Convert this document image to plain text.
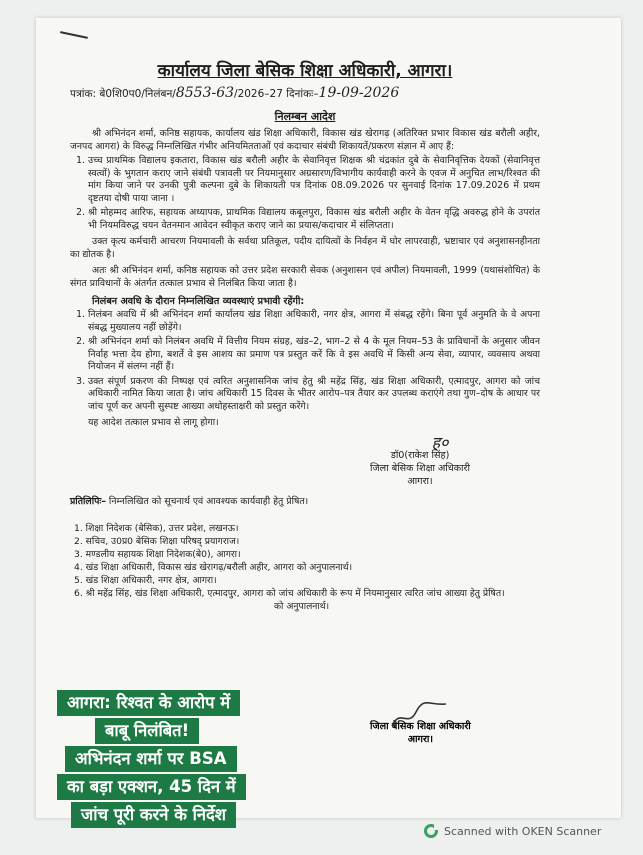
कार्यालय जिला बेसिक शिक्षा अधिकारी, आगरा।
पत्रांक: बे0शि0प0/निलंबन/8553-63/2026–27 दिनांकः–19-09-2026
निलम्बन आदेश

श्री अभिनंदन शर्मा, कनिष्ठ सहायक, कार्यालय खंड शिक्षा अधिकारी, विकास खंड खेरागढ़ (अतिरिक्त प्रभार विकास खंड बरौली अहीर, जनपद आगरा) के विरुद्ध निम्नलिखित गंभीर अनियमितताओं एवं कदाचार संबंधी शिकायतें/प्रकरण संज्ञान में आए हैं:

1. उच्च प्राथमिक विद्यालय इकतारा, विकास खंड बरौली अहीर के सेवानिवृत्त शिक्षक श्री चंद्रकांत दुबे के सेवानिवृत्तिक देयकों (सेवानिवृत्त स्वत्वों) के भुगतान कराए जाने संबंधी पत्रावली पर नियमानुसार अग्रसारण/विभागीय कार्यवाही करने के एवज में अनुचित लाभ/रिश्वत की मांग किया जाने पर उनकी पुत्री कल्पना दुबे के शिकायती पत्र दिनांक 08.09.2026 पर सुनवाई दिनांक 17.09.2026 में प्रथम दृष्टतया दोषी पाया जाना ।
2. श्री मोहम्मद आरिफ, सहायक अध्यापक, प्राथमिक विद्यालय कबूलपुरा, विकास खंड बरौली अहीर के वेतन वृद्धि अवरुद्ध होने के उपरांत भी नियमविरुद्ध चयन वेतनमान आवेदन स्वीकृत कराए जाने का प्रयास/कदाचार में संलिप्तता।

उक्त कृत्य कर्मचारी आचरण नियमावली के सर्वथा प्रतिकूल, पदीय दायित्वों के निर्वहन में घोर लापरवाही, भ्रष्टाचार एवं अनुशासनहीनता का द्योतक है।

अतः श्री अभिनंदन शर्मा, कनिष्ठ सहायक को उत्तर प्रदेश सरकारी सेवक (अनुशासन एवं अपील) नियमावली, 1999 (यथासंशोधित) के संगत प्राविधानों के अंतर्गत तत्काल प्रभाव से निलंबित किया जाता है।

निलंबन अवधि के दौरान निम्नलिखित व्यवस्थाएं प्रभावी रहेंगी:
1. निलंबन अवधि में श्री अभिनंदन शर्मा कार्यालय खंड शिक्षा अधिकारी, नगर क्षेत्र, आगरा में संबद्ध रहेंगे। बिना पूर्व अनुमति के वे अपना संबद्ध मुख्यालय नहीं छोड़ेंगे।
2. श्री अभिनंदन शर्मा को निलंबन अवधि में वित्तीय नियम संग्रह, खंड–2, भाग–2 से 4 के मूल नियम–53 के प्राविधानों के अनुसार जीवन निर्वाह भत्ता देय होगा, बशर्ते वे इस आशय का प्रमाण पत्र प्रस्तुत करें कि वे इस अवधि में किसी अन्य सेवा, व्यापार, व्यवसाय अथवा नियोजन में संलग्न नहीं हैं।
3. उक्त संपूर्ण प्रकरण की निष्पक्ष एवं त्वरित अनुशासनिक जांच हेतु श्री महेंद्र सिंह, खंड शिक्षा अधिकारी, एत्मादपुर, आगरा को जांच अधिकारी नामित किया जाता है। जांच अधिकारी 15 दिवस के भीतर आरोप–पत्र तैयार कर उपलब्ध कराएंगे तथा गुण–दोष के आधार पर जांच पूर्ण कर अपनी सुस्पष्ट आख्या अधोहस्ताक्षरी को प्रस्तुत करेंगे।

यह आदेश तत्काल प्रभाव से लागू होगा।

ह०
डॉ0(राकेश सिंह)
जिला बेसिक शिक्षा अधिकारी
आगरा।
प्रतिलिपिः– निम्नलिखित को सूचनार्थ एवं आवश्यक कार्यवाही हेतु प्रेषित।
1. शिक्षा निदेशक (बेसिक), उत्तर प्रदेश, लखनऊ।
2. सचिव, उ0प्र0 बेसिक शिक्षा परिषद् प्रयागराज।
3. मण्डलीय सहायक शिक्षा निदेशक(बे0), आगरा।
4. खंड शिक्षा अधिकारी, विकास खंड खेरागढ़/बरौली अहीर, आगरा को अनुपालनार्थ।
5. खंड शिक्षा अधिकारी, नगर क्षेत्र, आगरा।
6. श्री महेंद्र सिंह, खंड शिक्षा अधिकारी, एत्मादपुर, आगरा को जांच अधिकारी के रूप में नियमानुसार त्वरित जांच आख्या हेतु प्रेषित।
को अनुपालनार्थ।
जिला बेसिक शिक्षा अधिकारी
आगरा।
आगरा: रिश्वत के आरोप में
बाबू निलंबित!
अभिनंदन शर्मा पर BSA
का बड़ा एक्शन, 45 दिन में
जांच पूरी करने के निर्देश
Scanned with OKEN Scanner
